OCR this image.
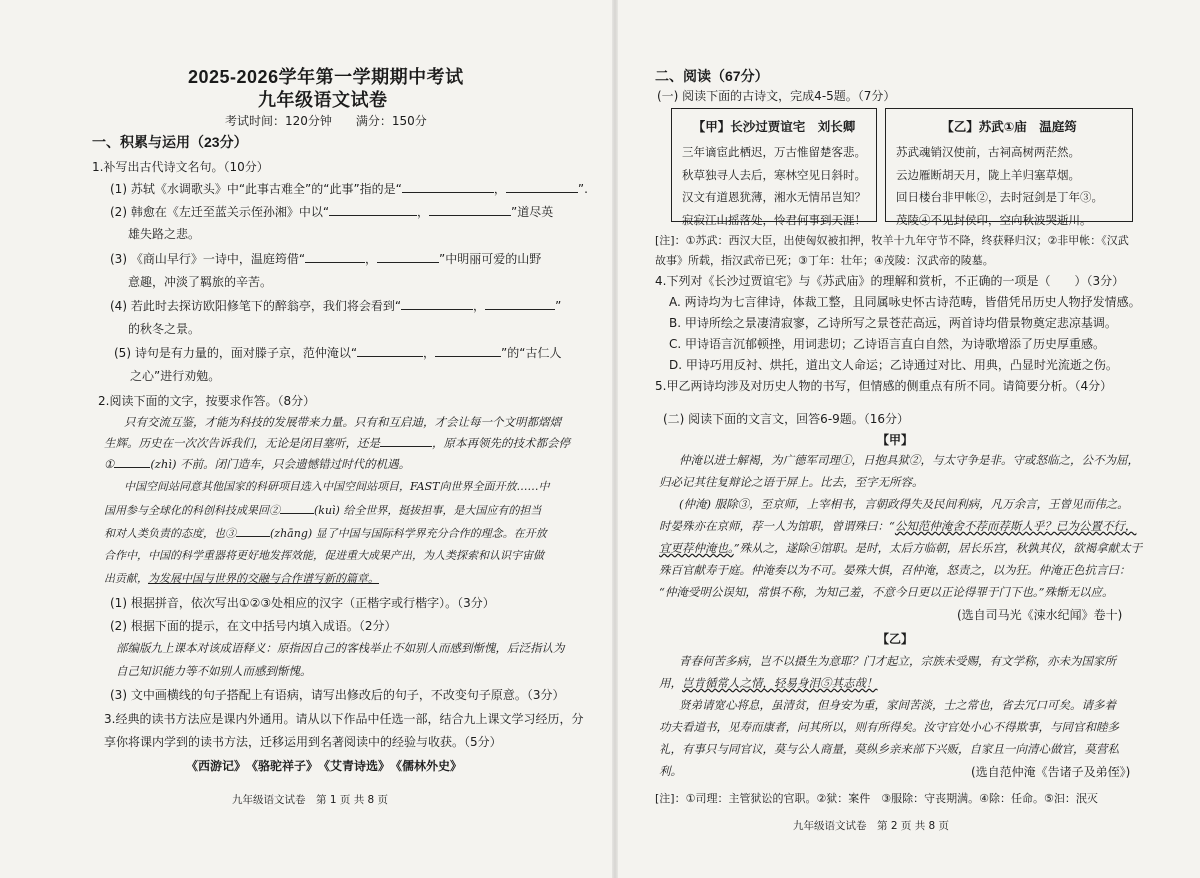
2025-2026学年第一学期期中考试
九年级语文试卷
考试时间：120分钟　　满分：150分
一、积累与运用（23分）
1.补写出古代诗文名句。（10分）
(1) 苏轼《水调歌头》中“此事古难全”的“此事”指的是“	，	”.
(2) 韩愈在《左迁至蓝关示侄孙湘》中以“	，	”道尽英
雄失路之悲。
(3) 《商山早行》一诗中，温庭筠借“	，	”中明丽可爱的山野
意趣，冲淡了羁旅的辛苦。
(4) 若此时去探访欧阳修笔下的醉翁亭，我们将会看到“	，	”
的秋冬之景。
(5) 诗句是有力量的，面对滕子京，范仲淹以“	，	”的“古仁人
之心”进行劝勉。
2.阅读下面的文字，按要求作答。（8分）
只有交流互鉴，才能为科技的发展带来力量。只有和互启迪，才会让每一个文明都熠熠
生辉。历史在一次次告诉我们，无论是闭目塞听，还是	，原本再领先的技术都会停
①	(zhì) 不前。闭门造车，只会遗憾错过时代的机遇。
中国空间站同意其他国家的科研项目选入中国空间站项目，FAST向世界全面开放……中
国用参与全球化的科创科技成果回②	(kuì) 给全世界，挺拔担事，是大国应有的担当
和对人类负责的态度，也③	(zhāng) 显了中国与国际科学界充分合作的理念。在开放
合作中，中国的科学重器将更好地发挥效能，促进重大成果产出，为人类探索和认识宇宙做
出贡献，为发展中国与世界的交融与合作谱写新的篇章。
(1) 根据拼音，依次写出①②③处相应的汉字（正楷字或行楷字）。（3分）
(2) 根据下面的提示，在文中括号内填入成语。（2分）
部编版九上课本对该成语释义：原指因自己的客栈举止不如别人而感到惭愧，后泛指认为
自己知识能力等不如别人而感到惭愧。
(3) 文中画横线的句子搭配上有语病，请写出修改后的句子，不改变句子原意。（3分）
3.经典的读书方法应是课内外通用。请从以下作品中任选一部，结合九上课文学习经历，分
享你将课内学到的读书方法，迁移运用到名著阅读中的经验与收获。（5分）
《西游记》　《骆驼祥子》　《艾青诗选》　《儒林外史》
九年级语文试卷　第 1 页 共 8 页
二、阅读（67分）
(一) 阅读下面的古诗文，完成4-5题。（7分）
【甲】长沙过贾谊宅　刘长卿
三年谪宦此栖迟，万古惟留楚客悲。
秋草独寻人去后，寒林空见日斜时。
汉文有道恩犹薄，湘水无情吊岂知？
寂寂江山摇落处，怜君何事到天涯！
【乙】苏武①庙　温庭筠
苏武魂销汉使前，古祠高树两茫然。
云边雁断胡天月，陇上羊归塞草烟。
回日楼台非甲帐②，去时冠剑是丁年③。
茂陵④不见封侯印，空向秋波哭逝川。
[注]：①苏武：西汉大臣，出使匈奴被扣押，牧羊十九年守节不降，终获释归汉；②非甲帐：《汉武
故事》所载，指汉武帝已死；③丁年：壮年；④茂陵：汉武帝的陵墓。
4.下列对《长沙过贾谊宅》与《苏武庙》的理解和赏析，不正确的一项是（　　）（3分）
A. 两诗均为七言律诗，体裁工整，且同属咏史怀古诗范畴，皆借凭吊历史人物抒发情感。
B. 甲诗所绘之景凄清寂寥，乙诗所写之景苍茫高远，两首诗均借景物奠定悲凉基调。
C. 甲诗语言沉郁顿挫，用词悲切；乙诗语言直白自然，为诗歌增添了历史厚重感。
D. 甲诗巧用反衬、烘托，道出文人命运；乙诗通过对比、用典，凸显时光流逝之伤。
5.甲乙两诗均涉及对历史人物的书写，但情感的侧重点有所不同。请简要分析。（4分）
(二) 阅读下面的文言文，回答6-9题。（16分）
【甲】
仲淹以进士解褐，为广德军司理①，日抱具狱②，与太守争是非。守或怒临之，公不为屈，
归必记其往复辩论之语于屏上。比去，至字无所容。
(仲淹) 服除③，至京师，上宰相书，言朝政得失及民间利病，凡万余言，王曾见而伟之。
时晏殊亦在京师，荐一人为馆职，曾谓殊曰：“公知范仲淹舍不荐而荐斯人乎？已为公置不行，
宜更荐仲淹也。”殊从之，遂除④馆职。是时，太后方临朝，居长乐宫，秋孰其仪，欲褐拿献太于
殊百官献寿于庭。仲淹奏以为不可。晏殊大惧，召仲淹，怒责之，以为狂。仲淹正色抗言曰：
“仲淹受明公误知，常惧不称，为知己羞，不意今日更以正论得罪于门下也。”殊惭无以应。
(选自司马光《涑水纪闻》卷十)
【乙】
青春何苦多病，岂不以摄生为意耶？门才起立，宗族未受赐，有文学称，亦未为国家所
用，岂肯循常人之情，轻易身泪⑤其志哉！
贤弟请宽心将息，虽清贫，但身安为重，家间苦淡，士之常也，省去冗口可矣。请多着
功夫看道书，见寿而康者，问其所以，则有所得矣。汝守官处小心不得欺事，与同官和睦多
礼，有事只与同官议，莫与公人商量，莫纵乡亲来部下兴贩，自家且一向清心做官，莫营私
利。	(选自范仲淹《告诸子及弟侄》)
[注]：①司理：主管狱讼的官职。②狱：案件　③服除：守丧期满。④除：任命。⑤汩：泯灭
九年级语文试卷　第 2 页 共 8 页
